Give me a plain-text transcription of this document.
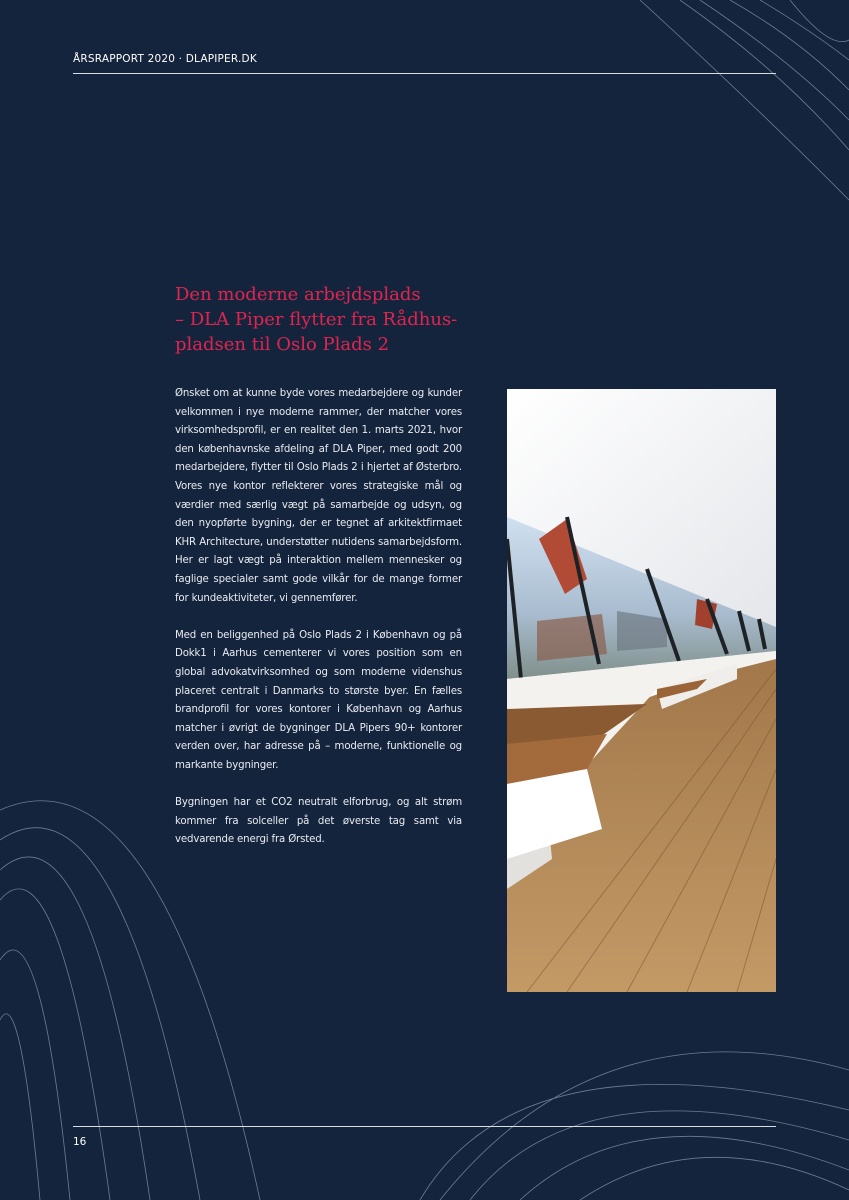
ÅRSRAPPORT 2020 · DLAPIPER.DK
Den moderne arbejdsplads
– DLA Piper flytter fra Rådhus-
pladsen til Oslo Plads 2

Ønsket om at kunne byde vores medarbejdere og kunder velkommen i nye moderne rammer, der matcher vores virksomhedsprofil, er en realitet den 1. marts 2021, hvor den københavnske afdeling af DLA Piper, med godt 200 medarbejdere, flytter til Oslo Plads 2 i hjertet af Østerbro. Vores nye kontor reflekterer vores strategiske mål og værdier med særlig vægt på samarbejde og udsyn, og den nyopførte bygning, der er tegnet af arkitektfirmaet KHR Architecture, understøtter nutidens samarbejdsform. Her er lagt vægt på interaktion mellem mennesker og faglige specialer samt gode vilkår for de mange former for kundeaktiviteter, vi gennemfører.

Med en beliggenhed på Oslo Plads 2 i København og på Dokk1 i Aarhus cementerer vi vores position som en global advokatvirksomhed og som moderne videnshus placeret centralt i Danmarks to største byer. En fælles brandprofil for vores kontorer i København og Aarhus matcher i øvrigt de bygninger DLA Pipers 90+ kontorer verden over, har adresse på – moderne, funktionelle og markante bygninger.

Bygningen har et CO2 neutralt elforbrug, og alt strøm kommer fra solceller på det øverste tag samt via vedvarende energi fra Ørsted.

16
